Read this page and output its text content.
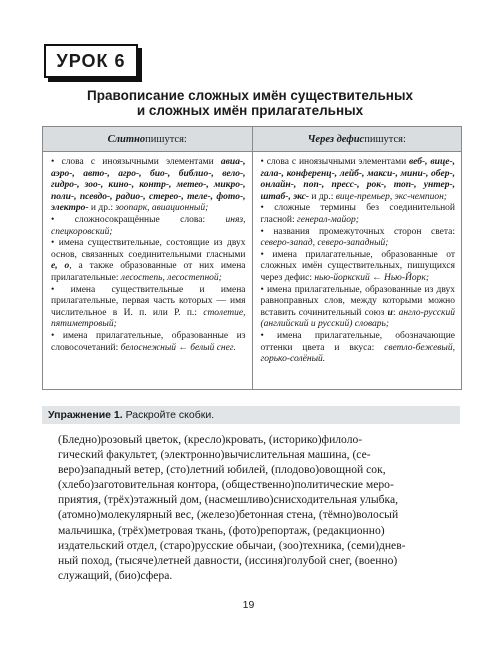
УРОК 6
Правописание сложных имён существительных
и сложных имён прилагательных
Слитно пишутся:	Через дефис пишутся:

• слова с иноязычными элементами авиа-, аэро-, авто-, агро-, био-, библио-, вело-, гидро-, зоо-, кино-, контр-, метео-, микро-, поли-, псевдо-, радио-, стерео-, теле-, фото-, электро- и др.: зоопарк, авиационный;

• сложносокращённые слова: иняз, спецкоровский;

• имена существительные, состоящие из двух основ, связанных соединительными гласными е, о, а также образованные от них имена прилагательные: лесостепь, лесостепной;

• имена существительные и имена прилагательные, первая часть которых — имя числительное в И. п. или Р. п.: столетие, пятиметровый;

• имена прилагательные, образованные из словосочетаний: белоснежный ← белый снег.

• слова с иноязычными элементами веб-, вице-, гала-, конференц-, лейб-, макси-, мини-, обер-, онлайн-, поп-, пресс-, рок-, топ-, унтер-, штаб-, экс- и др.: вице-премьер, экс-чемпион;

• сложные термины без соединительной гласной: генерал-майор;

• названия промежуточных сторон света: северо-запад, северо-западный;

• имена прилагательные, образованные от сложных имён существительных, пишущихся через дефис: нью-йоркский ← Нью-Йорк;

• имена прилагательные, образованные из двух равноправных слов, между которыми можно вставить сочинительный союз и: англо-русский (английский и русский) словарь;

• имена прилагательные, обозначающие оттенки цвета и вкуса: светло-бежевый, горько-солёный.

Упражнение 1. Раскройте скобки.
(Бледно)розовый цветок, (кресло)кровать, (историко)филоло-
гический факультет, (электронно)вычислительная машина, (се-
веро)западный ветер, (сто)летний юбилей, (плодово)овощной сок,
(хлебо)заготовительная контора, (общественно)политические меро-
приятия, (трёх)этажный дом, (насмешливо)снисходительная улыбка,
(атомно)молекулярный вес, (железо)бетонная стена, (тёмно)волосый
мальчишка, (трёх)метровая ткань, (фото)репортаж, (редакционно)
издательский отдел, (старо)русские обычаи, (зоо)техника, (семи)днев-
ный поход, (тысяче)летней давности, (иссиня)голубой снег, (военно)
служащий, (био)сфера.
19
